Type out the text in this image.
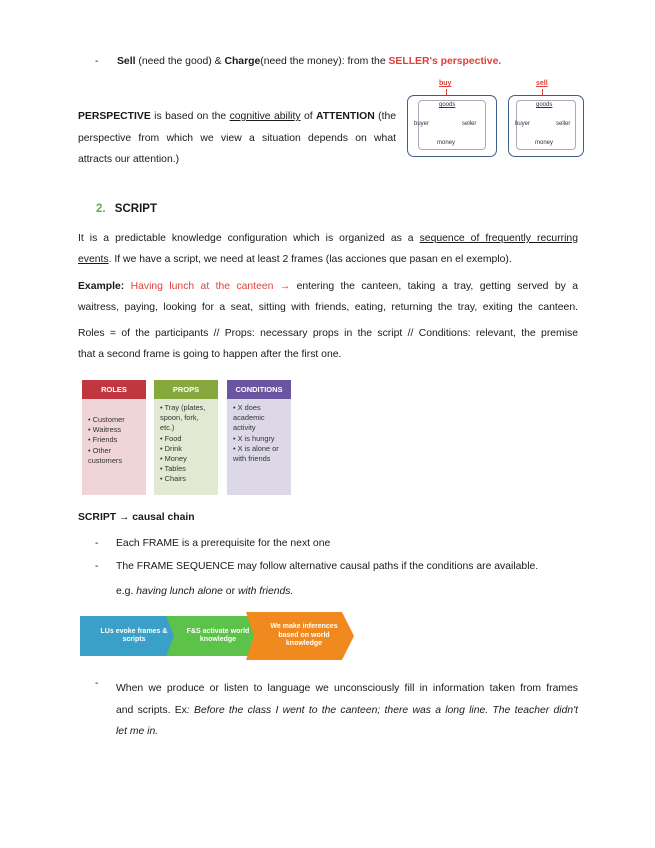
- Sell (need the good) & Charge(need the money): from the SELLER's perspective.
PERSPECTIVE is based on the cognitive ability of ATTENTION (the
perspective from which we view a situation depends on what
attracts our attention.)
buy
goods
buyer	seller
money
sell
goods
buyer	seller
money
2. SCRIPT
It is a predictable knowledge configuration which is organized as a sequence of frequently recurring
events. If we have a script, we need at least 2 frames (las acciones que pasan en el exemplo).
Example: Having lunch at the canteen → entering the canteen, taking a tray, getting served by a
waitress, paying, looking for a seat, sitting with friends, eating, returning the tray, exiting the canteen.
Roles = of the participants // Props: necessary props in the script // Conditions: relevant, the premise
that a second frame is going to happen after the first one.
ROLES
• Customer
• Waitress
• Friends
• Other
customers
PROPS
• Tray (plates,
spoon, fork,
etc.)
• Food
• Drink
• Money
• Tables
• Chairs
CONDITIONS
• X does
academic
activity
• X is hungry
• X is alone or
with friends
SCRIPT → causal chain
- Each FRAME is a prerequisite for the next one
- The FRAME SEQUENCE may follow alternative causal paths if the conditions are available.
e.g. having lunch alone or with friends.
LUs evoke frames & scripts
F&S activate world knowledge
We make inferences based on world knowledge
- When we produce or listen to language we unconsciously fill in information taken from frames
and scripts. Ex: Before the class I went to the canteen; there was a long line. The teacher didn't
let me in.
